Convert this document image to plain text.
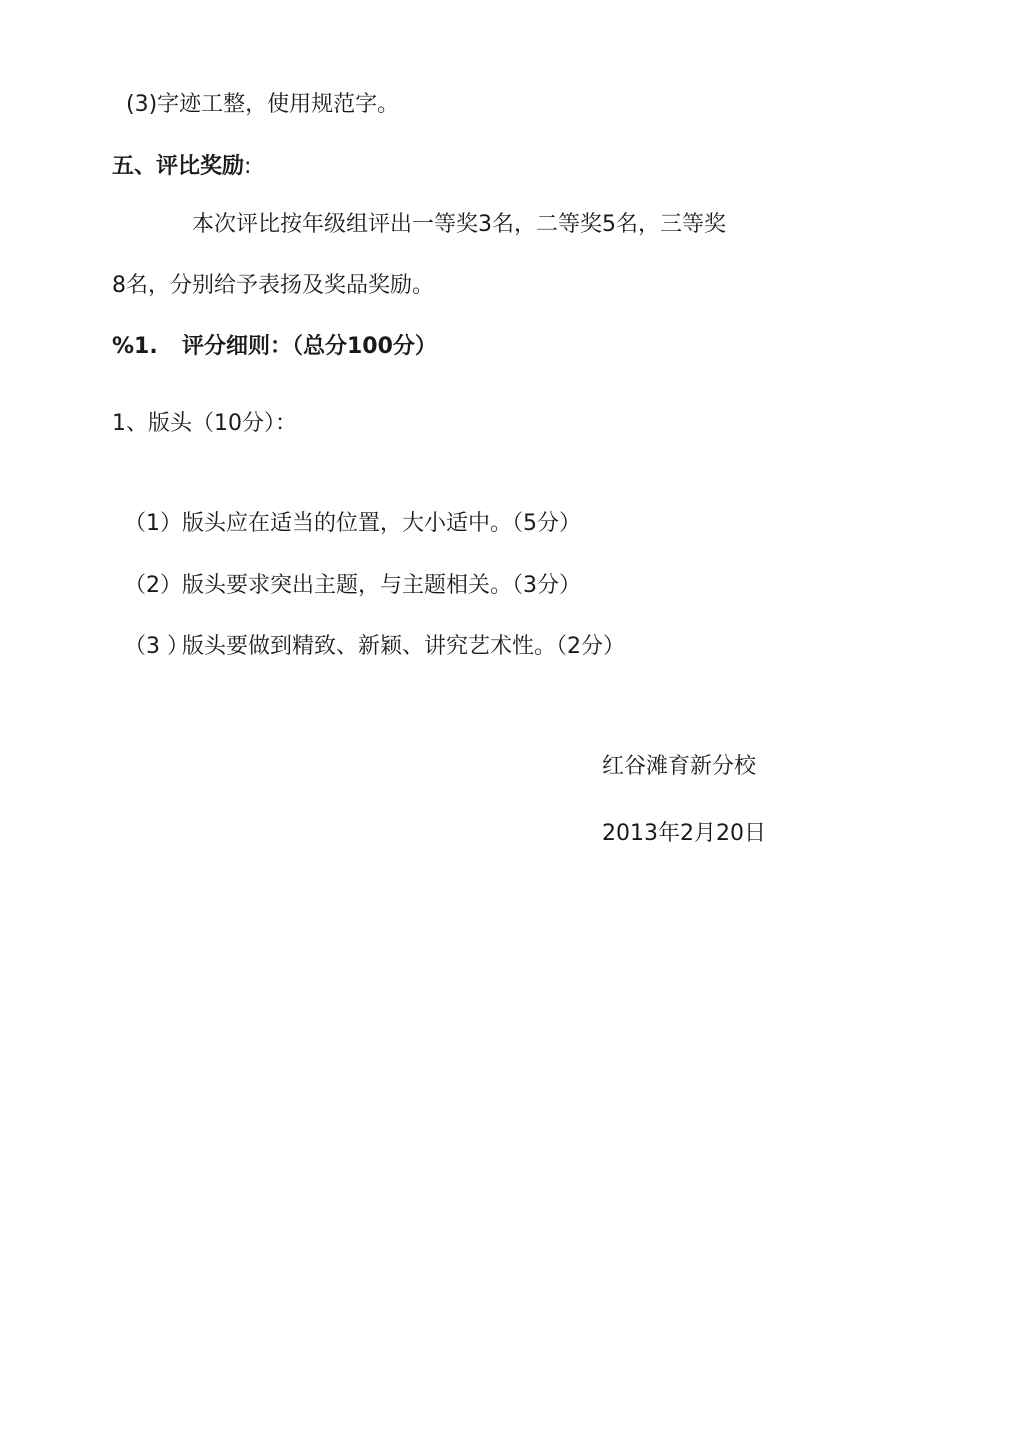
(3)字迹工整，使用规范字。
五、评比奖励:
本次评比按年级组评出一等奖3名，二等奖5名，三等奖
8名，分别给予表扬及奖品奖励。
%1. 评分细则：（总分100分）
1、版头（10分）：
（1）版头应在适当的位置，大小适中。（5分）
（2）版头要求突出主题，与主题相关。（3分）
（3 ）版头要做到精致、新颖、讲究艺术性。（2分）
红谷滩育新分校
2013年2月20日
